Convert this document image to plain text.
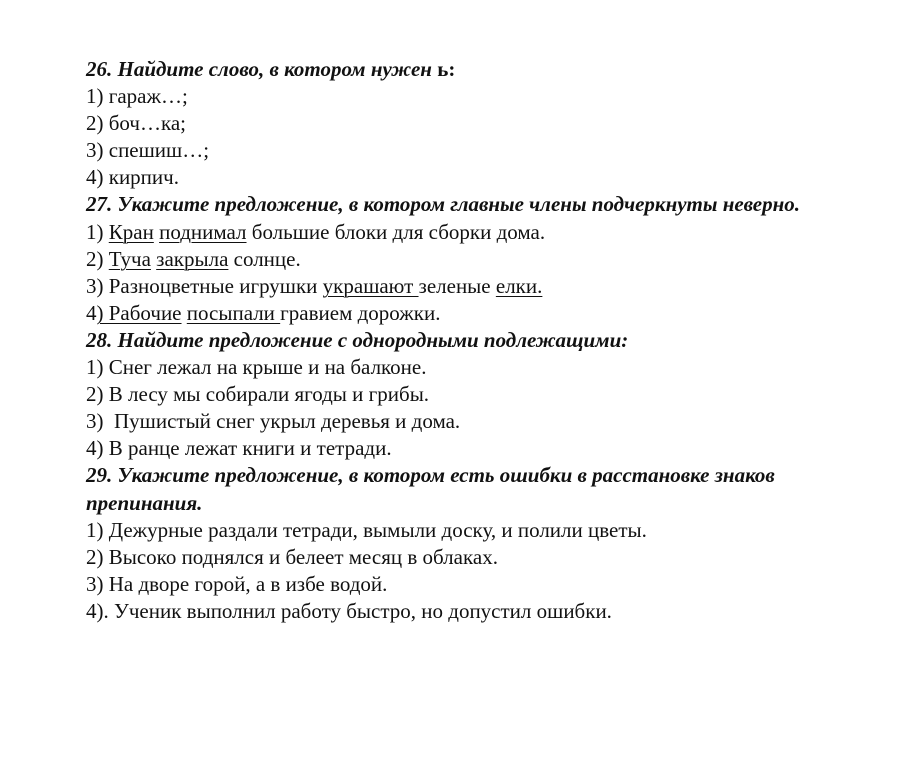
26. Найдите слово, в котором нужен ь:
1) гараж…;
2) боч…ка;
3) спешиш…;
4) кирпич.
27. Укажите предложение, в котором главные члены подчеркнуты неверно.
1) Кран поднимал большие блоки для сборки дома.
2) Туча закрыла солнце.
3) Разноцветные игрушки украшают зеленые елки.
4) Рабочие посыпали гравием дорожки.
28. Найдите предложение с однородными подлежащими:
1) Снег лежал на крыше и на балконе.
2) В лесу мы собирали ягоды и грибы.
3)  Пушистый снег укрыл деревья и дома.
4) В ранце лежат книги и тетради.
29. Укажите предложение, в котором есть ошибки в расстановке знаков препинания.
1) Дежурные раздали тетради, вымыли доску, и полили цветы.
2) Высоко поднялся и белеет месяц в облаках.
3) На дворе горой, а в избе водой.
4). Ученик выполнил работу быстро, но допустил ошибки.
